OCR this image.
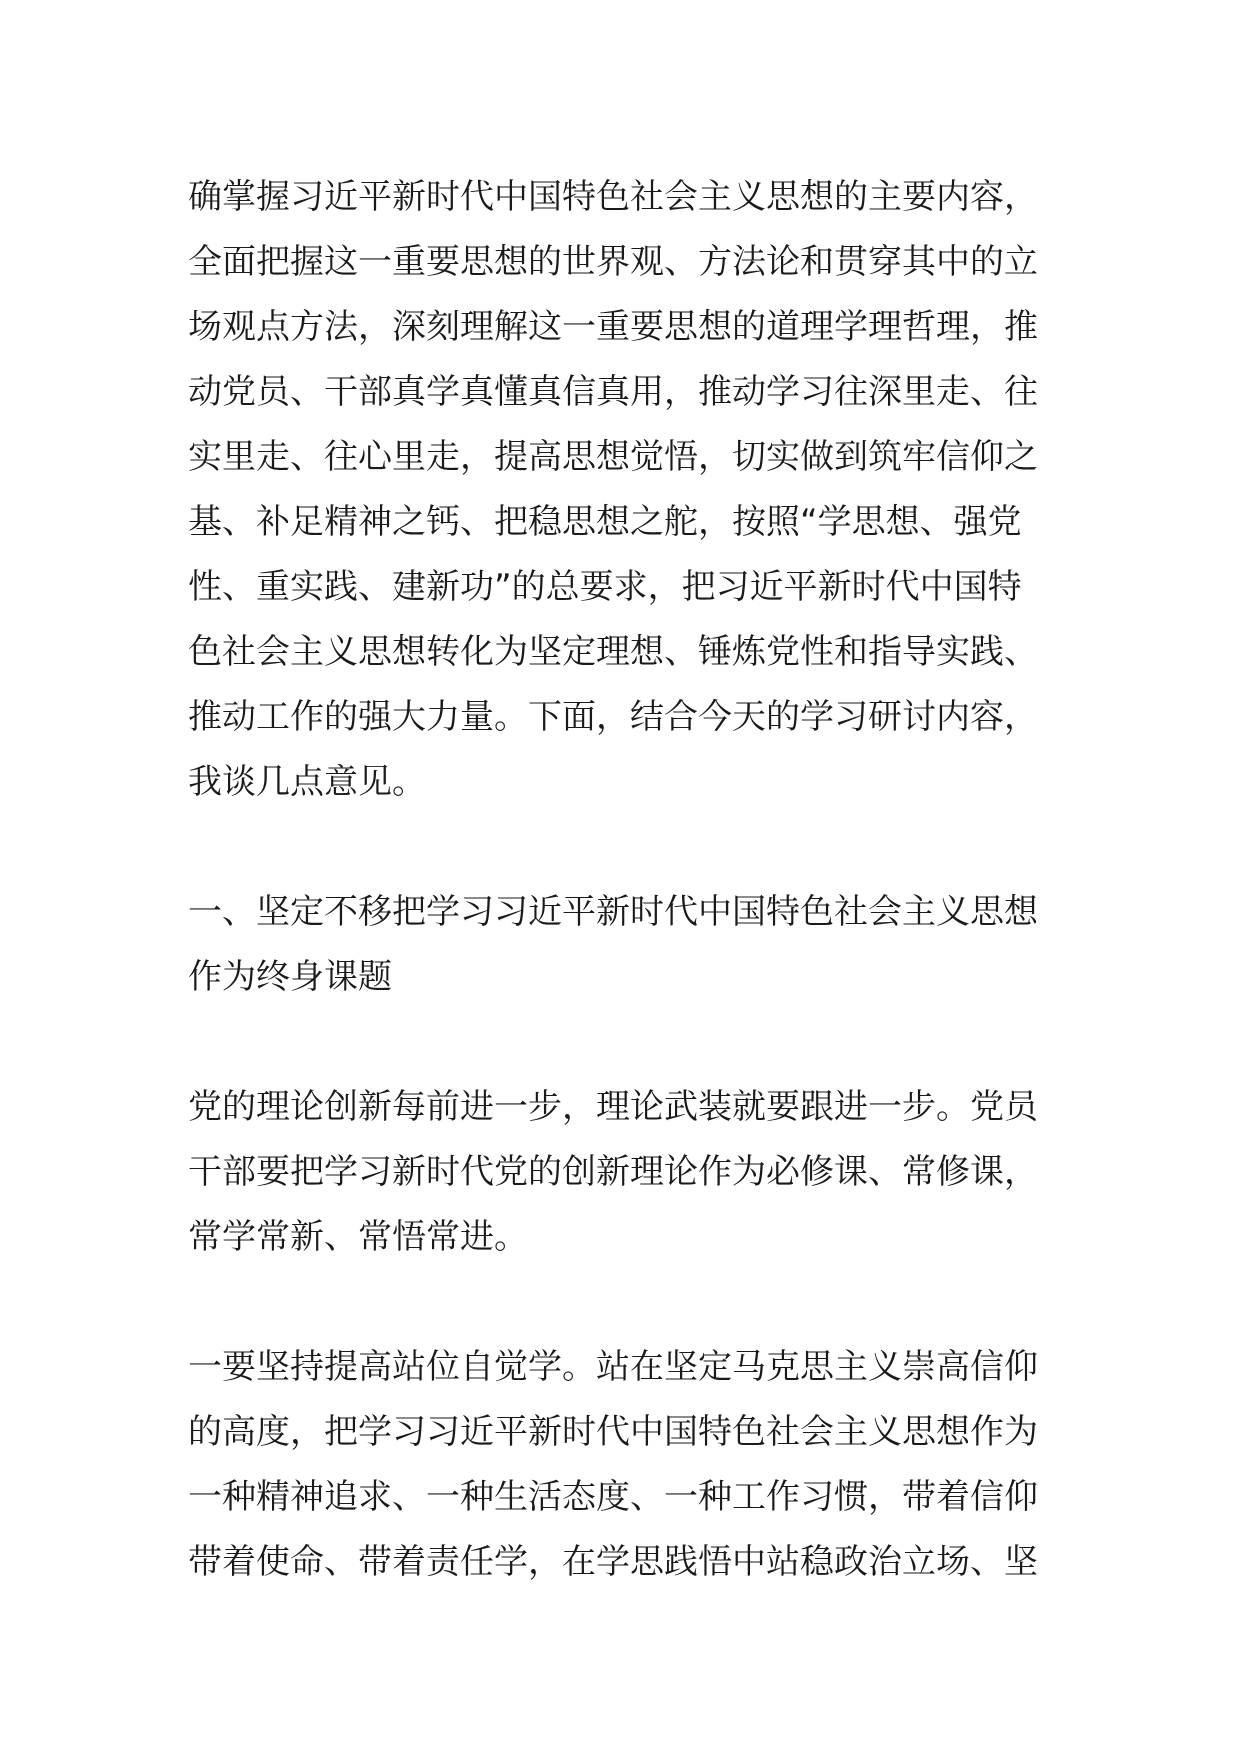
确掌握习近平新时代中国特色社会主义思想的主要内容，
全面把握这一重要思想的世界观、方法论和贯穿其中的立
场观点方法，深刻理解这一重要思想的道理学理哲理，推
动党员、干部真学真懂真信真用，推动学习往深里走、往
实里走、往心里走，提高思想觉悟，切实做到筑牢信仰之
基、补足精神之钙、把稳思想之舵，按照“学思想、强党
性、重实践、建新功”的总要求，把习近平新时代中国特
色社会主义思想转化为坚定理想、锤炼党性和指导实践、
推动工作的强大力量。下面，结合今天的学习研讨内容，
我谈几点意见。
一、坚定不移把学习习近平新时代中国特色社会主义思想
作为终身课题
党的理论创新每前进一步，理论武装就要跟进一步。党员
干部要把学习新时代党的创新理论作为必修课、常修课，
常学常新、常悟常进。
一要坚持提高站位自觉学。站在坚定马克思主义崇高信仰
的高度，把学习习近平新时代中国特色社会主义思想作为
一种精神追求、一种生活态度、一种工作习惯，带着信仰
带着使命、带着责任学，在学思践悟中站稳政治立场、坚
